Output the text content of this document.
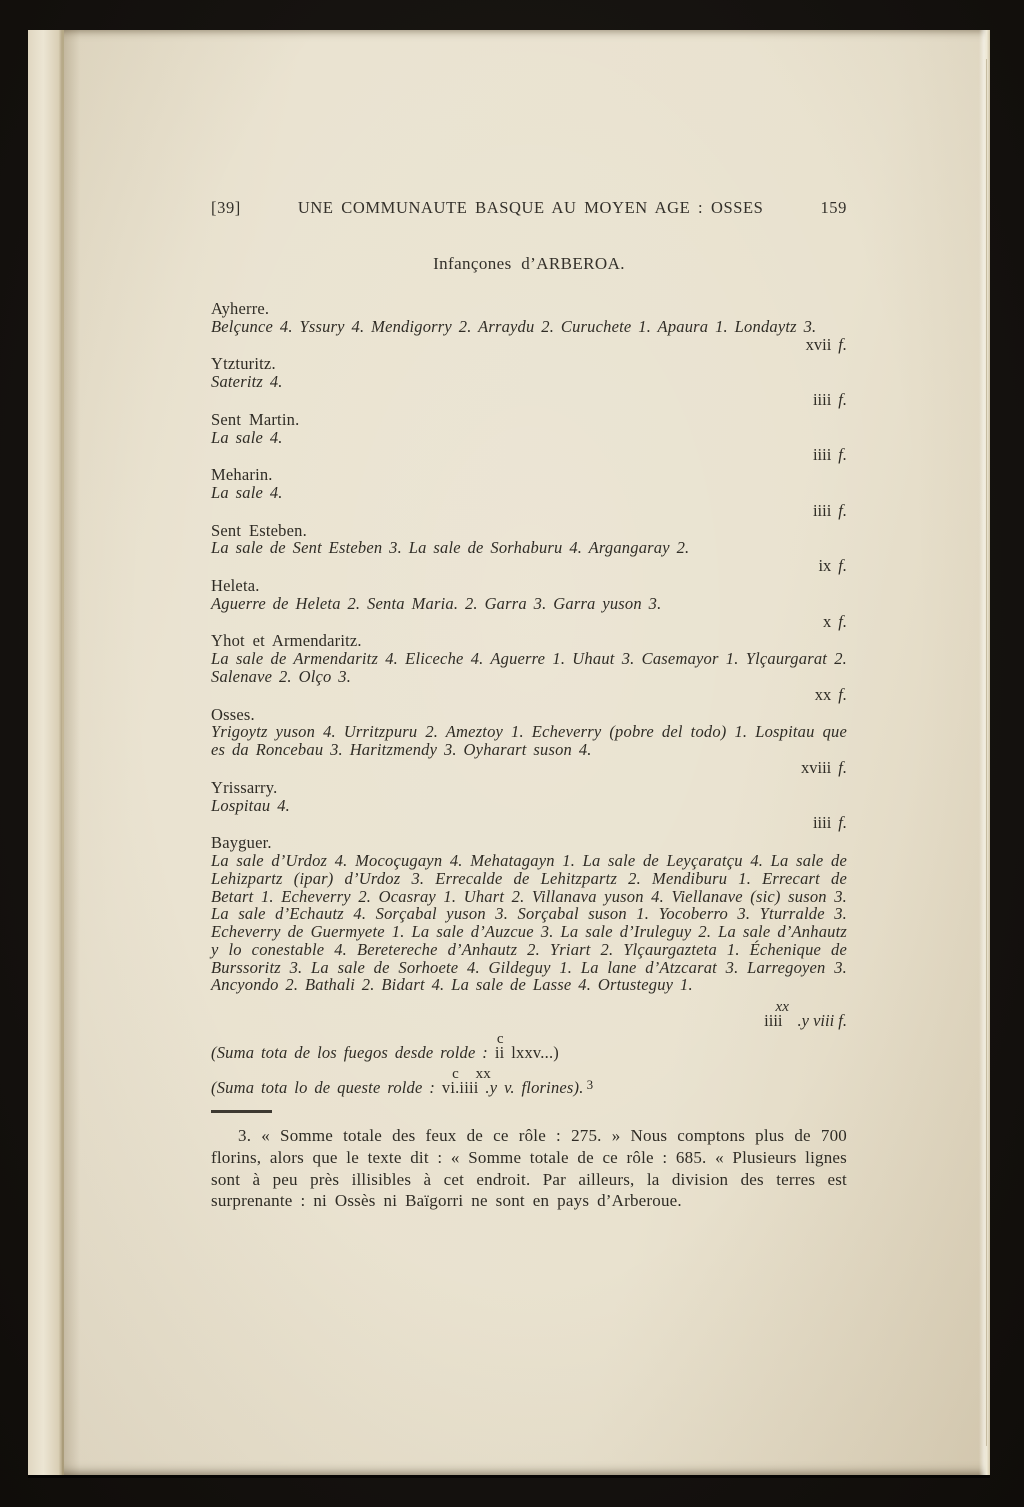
[39]	UNE COMMUNAUTE BASQUE AU MOYEN AGE : OSSES	159
Infançones d’ARBEROA.
Ayherre.
Belçunce 4. Yssury 4. Mendigorry 2. Arraydu 2. Curuchete 1. Apaura 1. Londaytz 3.
xvii f.
Ytzturitz.
Sateritz 4.
iiii f.
Sent Martin.
La sale 4.
iiii f.
Meharin.
La sale 4.
iiii f.
Sent Esteben.
La sale de Sent Esteben 3. La sale de Sorhaburu 4. Argangaray 2.
ix f.
Heleta.
Aguerre de Heleta 2. Senta Maria. 2. Garra 3. Garra yuson 3.
x f.
Yhot et Armendaritz.
La sale de Armendaritz 4. Eliceche 4. Aguerre 1. Uhaut 3. Casemayor 1. Ylçaurgarat 2. Salenave 2. Olço 3.
xx f.
Osses.
Yrigoytz yuson 4. Urritzpuru 2. Ameztoy 1. Echeverry (pobre del todo) 1. Lospitau que es da Roncebau 3. Haritzmendy 3. Oyharart suson 4.
xviii f.
Yrissarry.
Lospitau 4.
iiii f.
Bayguer.
La sale d’Urdoz 4. Mocoçugayn 4. Mehatagayn 1. La sale de Leyçaratçu 4. La sale de Lehizpartz (ipar) d’Urdoz 3. Errecalde de Lehitzpartz 2. Mendiburu 1. Errecart de Betart 1. Echeverry 2. Ocasray 1. Uhart 2. Villanava yuson 4. Viellanave (sic) suson 3. La sale d’Echautz 4. Sorçabal yuson 3. Sorçabal suson 1. Yocoberro 3. Yturralde 3. Echeverry de Guermyete 1. La sale d’Auzcue 3. La sale d’Iruleguy 2. La sale d’Anhautz y lo conestable 4. Beretereche d’Anhautz 2. Yriart 2. Ylçaurgazteta 1. Échenique de Burssoritz 3. La sale de Sorhoete 4. Gildeguy 1. La lane d’Atzcarat 3. Larregoyen 3. Ancyondo 2. Bathali 2. Bidart 4. La sale de Lasse 4. Ortusteguy 1.
xx
iiii .y viii f.
(Suma tota de los fuegos desde rolde :
c
ii lxxv...)
(Suma tota lo de queste rolde :
c
vi
xx
.iiii .y v. florines). $^3$

3. « Somme totale des feux de ce rôle : 275. » Nous comptons plus de 700 florins, alors que le texte dit : « Somme totale de ce rôle : 685. « Plusieurs lignes sont à peu près illisibles à cet endroit. Par ailleurs, la division des terres est surprenante : ni Ossès ni Baïgorri ne sont en pays d’Arberoue.
